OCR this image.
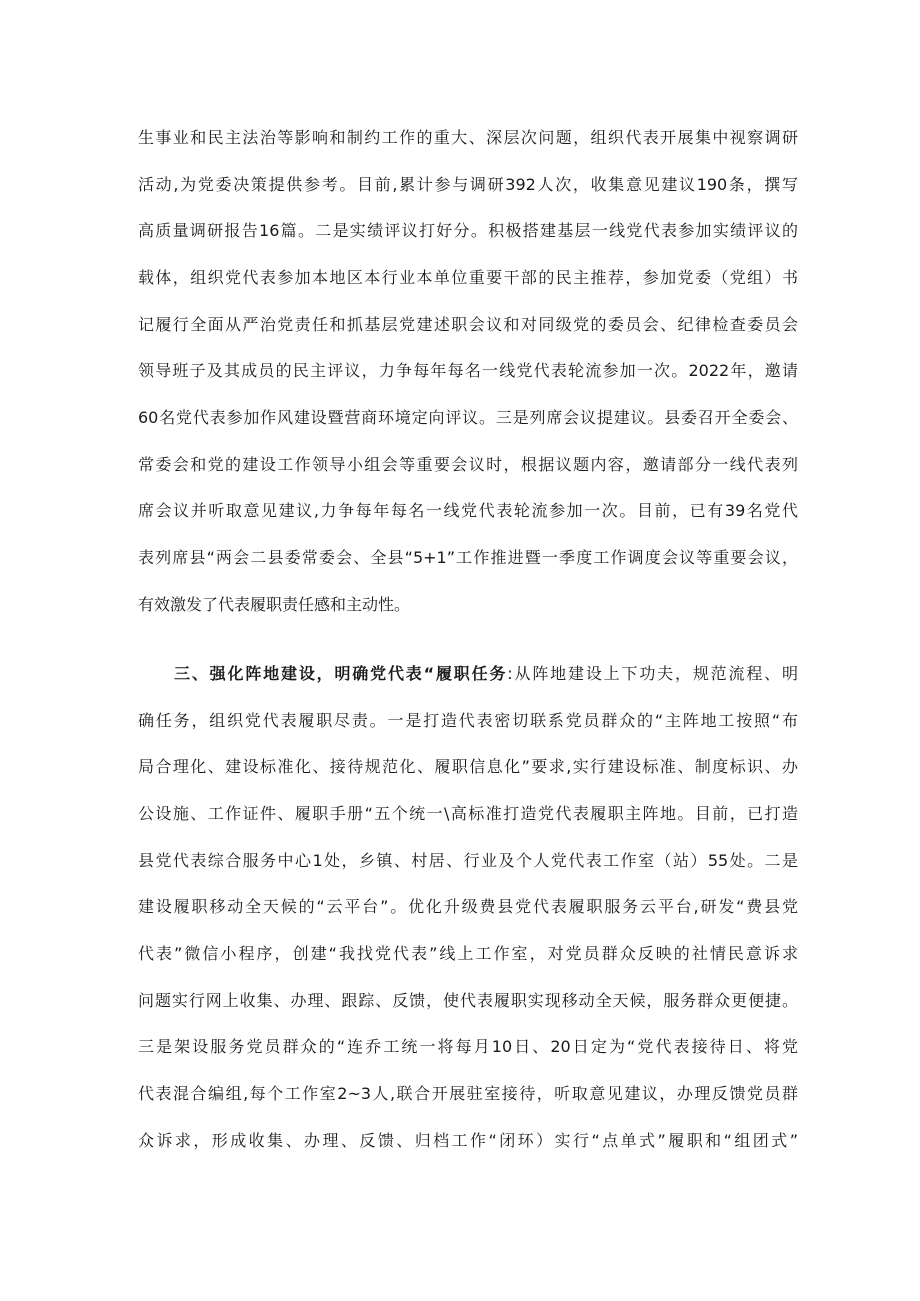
生事业和民主法治等影响和制约工作的重大、深层次问题，组织代表开展集中视察调研
活动,为党委决策提供参考。目前,累计参与调研392人次，收集意见建议190条，撰写
高质量调研报告16篇。二是实绩评议打好分。积极搭建基层一线党代表参加实绩评议的
载体，组织党代表参加本地区本行业本单位重要干部的民主推荐，参加党委（党组）书
记履行全面从严治党责任和抓基层党建述职会议和对同级党的委员会、纪律检查委员会
领导班子及其成员的民主评议，力争每年每名一线党代表轮流参加一次。2022年，邀请
60名党代表参加作风建设暨营商环境定向评议。三是列席会议提建议。县委召开全委会、
常委会和党的建设工作领导小组会等重要会议时，根据议题内容，邀请部分一线代表列
席会议并听取意见建议,力争每年每名一线党代表轮流参加一次。目前，已有39名党代
表列席县“两会二县委常委会、全县“5+1”工作推进暨一季度工作调度会议等重要会议，
有效激发了代表履职责任感和主动性。
三、强化阵地建设，明确党代表“履职任务:从阵地建设上下功夫，规范流程、明
确任务，组织党代表履职尽责。一是打造代表密切联系党员群众的“主阵地工按照“布
局合理化、建设标准化、接待规范化、履职信息化”要求,实行建设标准、制度标识、办
公设施、工作证件、履职手册“五个统一\高标准打造党代表履职主阵地。目前，已打造
县党代表综合服务中心1处，乡镇、村居、行业及个人党代表工作室（站）55处。二是
建设履职移动全天候的“云平台”。优化升级费县党代表履职服务云平台,研发“费县党
代表”微信小程序，创建“我找党代表”线上工作室，对党员群众反映的社情民意诉求
问题实行网上收集、办理、跟踪、反馈，使代表履职实现移动全天候，服务群众更便捷。
三是架设服务党员群众的“连乔工统一将每月10日、20日定为“党代表接待日、将党
代表混合编组,每个工作室2~3人,联合开展驻室接待，听取意见建议，办理反馈党员群
众诉求，形成收集、办理、反馈、归档工作“闭环）实行“点单式”履职和“组团式”
